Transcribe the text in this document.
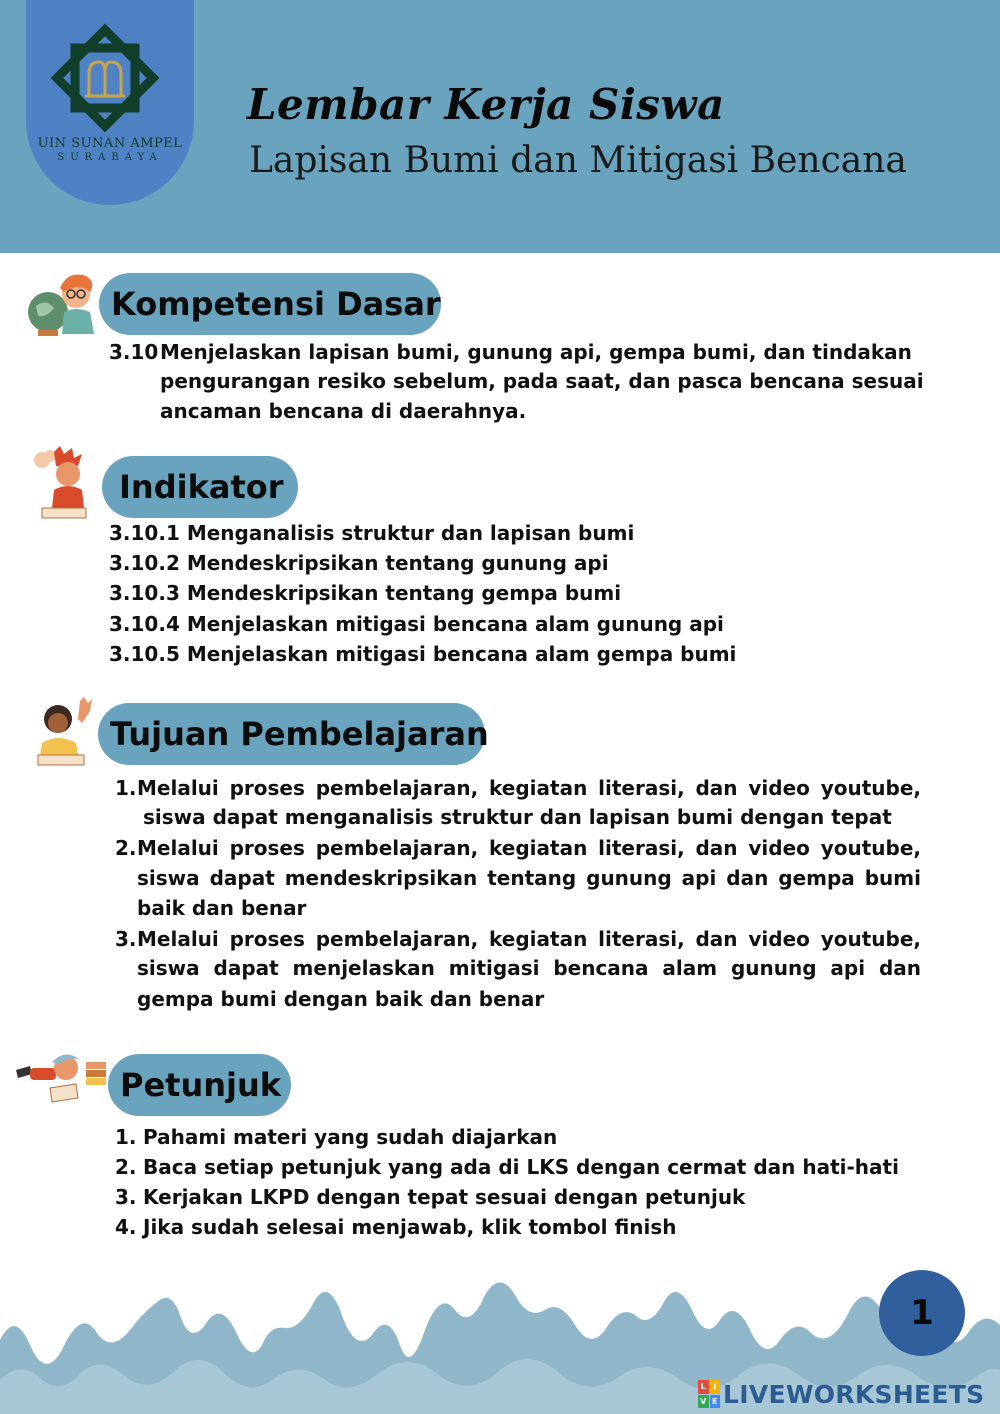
UIN SUNAN AMPEL
SURABAYA
Lembar Kerja Siswa
Lapisan Bumi dan Mitigasi Bencana
Kompetensi Dasar
3.10 Menjelaskan lapisan bumi, gunung api, gempa bumi, dan tindakan
pengurangan resiko sebelum, pada saat, dan pasca bencana sesuai
ancaman bencana di daerahnya.
Indikator
3.10.1 Menganalisis struktur dan lapisan bumi
3.10.2 Mendeskripsikan tentang gunung api
3.10.3 Mendeskripsikan tentang gempa bumi
3.10.4 Menjelaskan mitigasi bencana alam gunung api
3.10.5 Menjelaskan mitigasi bencana alam gempa bumi
Tujuan Pembelajaran
1. Melalui proses pembelajaran, kegiatan literasi, dan video youtube,
siswa dapat menganalisis struktur dan lapisan bumi dengan tepat
2. Melalui proses pembelajaran, kegiatan literasi, dan video youtube,
siswa dapat mendeskripsikan tentang gunung api dan gempa bumi
baik dan benar
3. Melalui proses pembelajaran, kegiatan literasi, dan video youtube,
siswa dapat menjelaskan mitigasi bencana alam gunung api dan
gempa bumi dengan baik dan benar
Petunjuk
1. Pahami materi yang sudah diajarkan
2. Baca setiap petunjuk yang ada di LKS dengan cermat dan hati-hati
3. Kerjakan LKPD dengan tepat sesuai dengan petunjuk
4. Jika sudah selesai menjawab, klik tombol finish
1
L I
V E LIVEWORKSHEETS
